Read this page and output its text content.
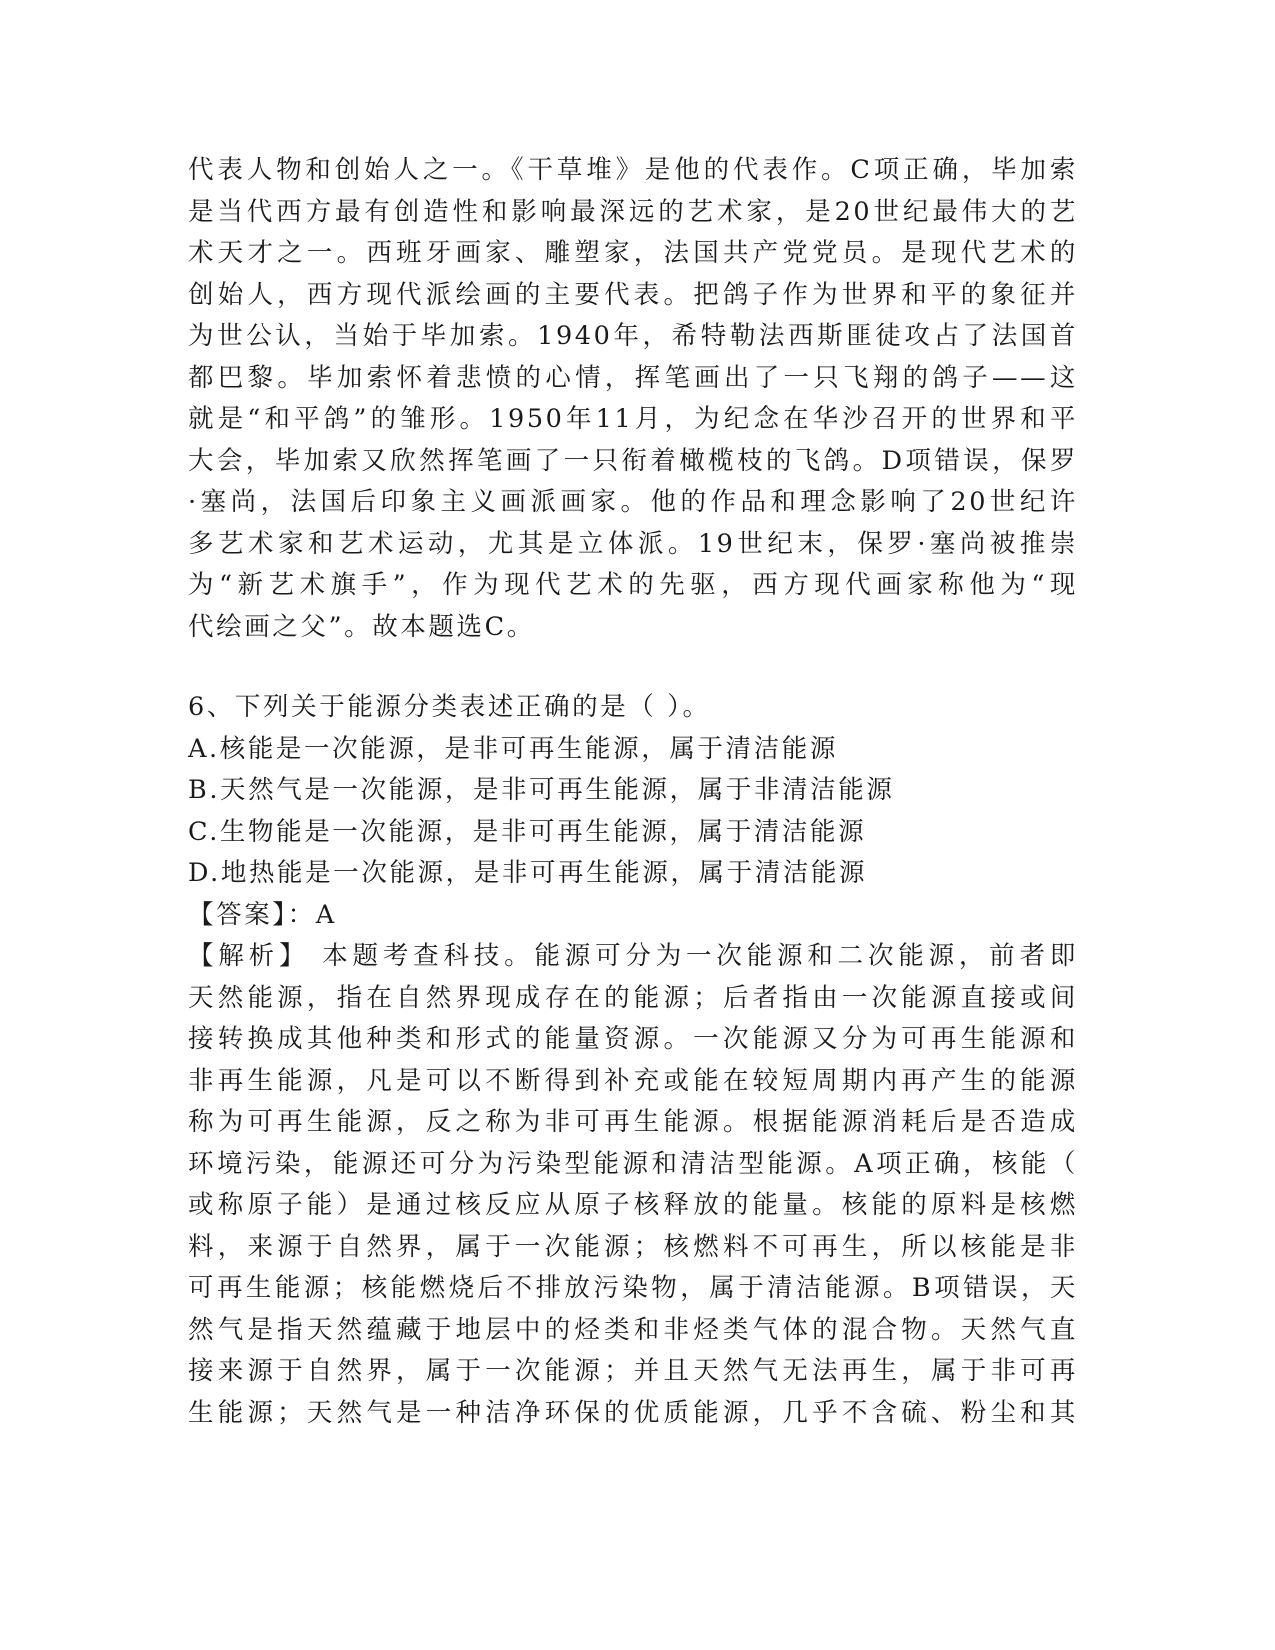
代表人物和创始人之一。《干草堆》是他的代表作。C项正确，毕加索
是当代西方最有创造性和影响最深远的艺术家，是20世纪最伟大的艺
术天才之一。西班牙画家、雕塑家，法国共产党党员。是现代艺术的
创始人，西方现代派绘画的主要代表。把鸽子作为世界和平的象征并
为世公认，当始于毕加索。1940年，希特勒法西斯匪徒攻占了法国首
都巴黎。毕加索怀着悲愤的心情，挥笔画出了一只飞翔的鸽子——这
就是“和平鸽”的雏形。1950年11月，为纪念在华沙召开的世界和平
大会，毕加索又欣然挥笔画了一只衔着橄榄枝的飞鸽。D项错误，保罗
·塞尚，法国后印象主义画派画家。他的作品和理念影响了20世纪许
多艺术家和艺术运动，尤其是立体派。19世纪末，保罗·塞尚被推崇
为“新艺术旗手”，作为现代艺术的先驱，西方现代画家称他为“现
代绘画之父”。故本题选C。
6、下列关于能源分类表述正确的是（ ）。
A.核能是一次能源，是非可再生能源，属于清洁能源
B.天然气是一次能源，是非可再生能源，属于非清洁能源
C.生物能是一次能源，是非可再生能源，属于清洁能源
D.地热能是一次能源，是非可再生能源，属于清洁能源
【答案】：A
【解析】 本题考查科技。能源可分为一次能源和二次能源，前者即
天然能源，指在自然界现成存在的能源；后者指由一次能源直接或间
接转换成其他种类和形式的能量资源。一次能源又分为可再生能源和
非再生能源，凡是可以不断得到补充或能在较短周期内再产生的能源
称为可再生能源，反之称为非可再生能源。根据能源消耗后是否造成
环境污染，能源还可分为污染型能源和清洁型能源。A项正确，核能（
或称原子能）是通过核反应从原子核释放的能量。核能的原料是核燃
料，来源于自然界，属于一次能源；核燃料不可再生，所以核能是非
可再生能源；核能燃烧后不排放污染物，属于清洁能源。B项错误，天
然气是指天然蕴藏于地层中的烃类和非烃类气体的混合物。天然气直
接来源于自然界，属于一次能源；并且天然气无法再生，属于非可再
生能源；天然气是一种洁净环保的优质能源，几乎不含硫、粉尘和其
